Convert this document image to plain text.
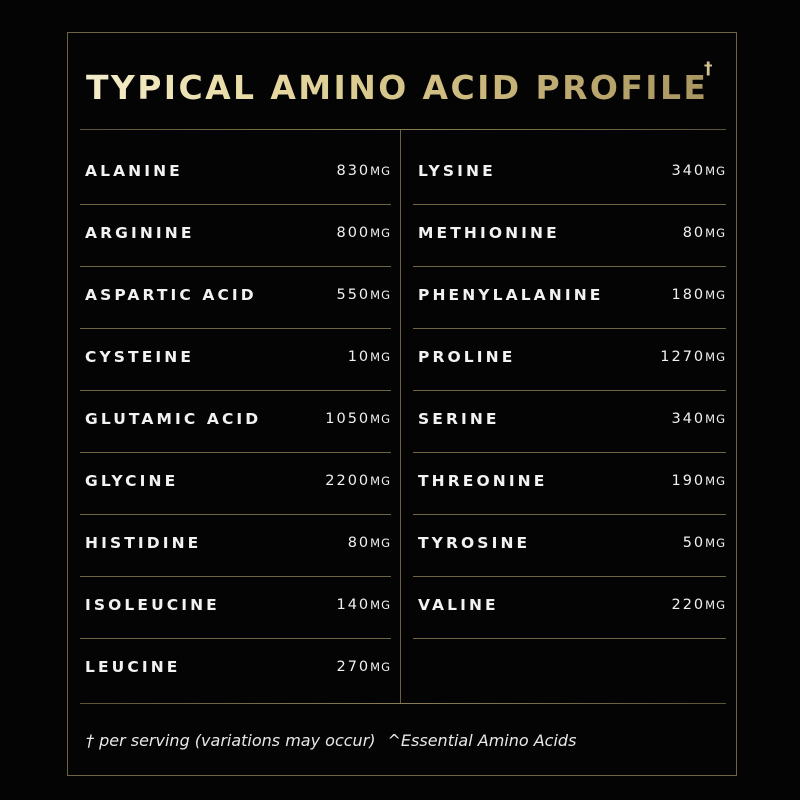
TYPICAL AMINO ACID PROFILE
†
ALANINE	830MG
ARGININE	800MG
ASPARTIC ACID	550MG
CYSTEINE	10MG
GLUTAMIC ACID	1050MG
GLYCINE	2200MG
HISTIDINE	80MG
ISOLEUCINE	140MG
LEUCINE	270MG
LYSINE	340MG
METHIONINE	80MG
PHENYLALANINE	180MG
PROLINE	1270MG
SERINE	340MG
THREONINE	190MG
TYROSINE	50MG
VALINE	220MG
† per serving (variations may occur) ^Essential Amino Acids
